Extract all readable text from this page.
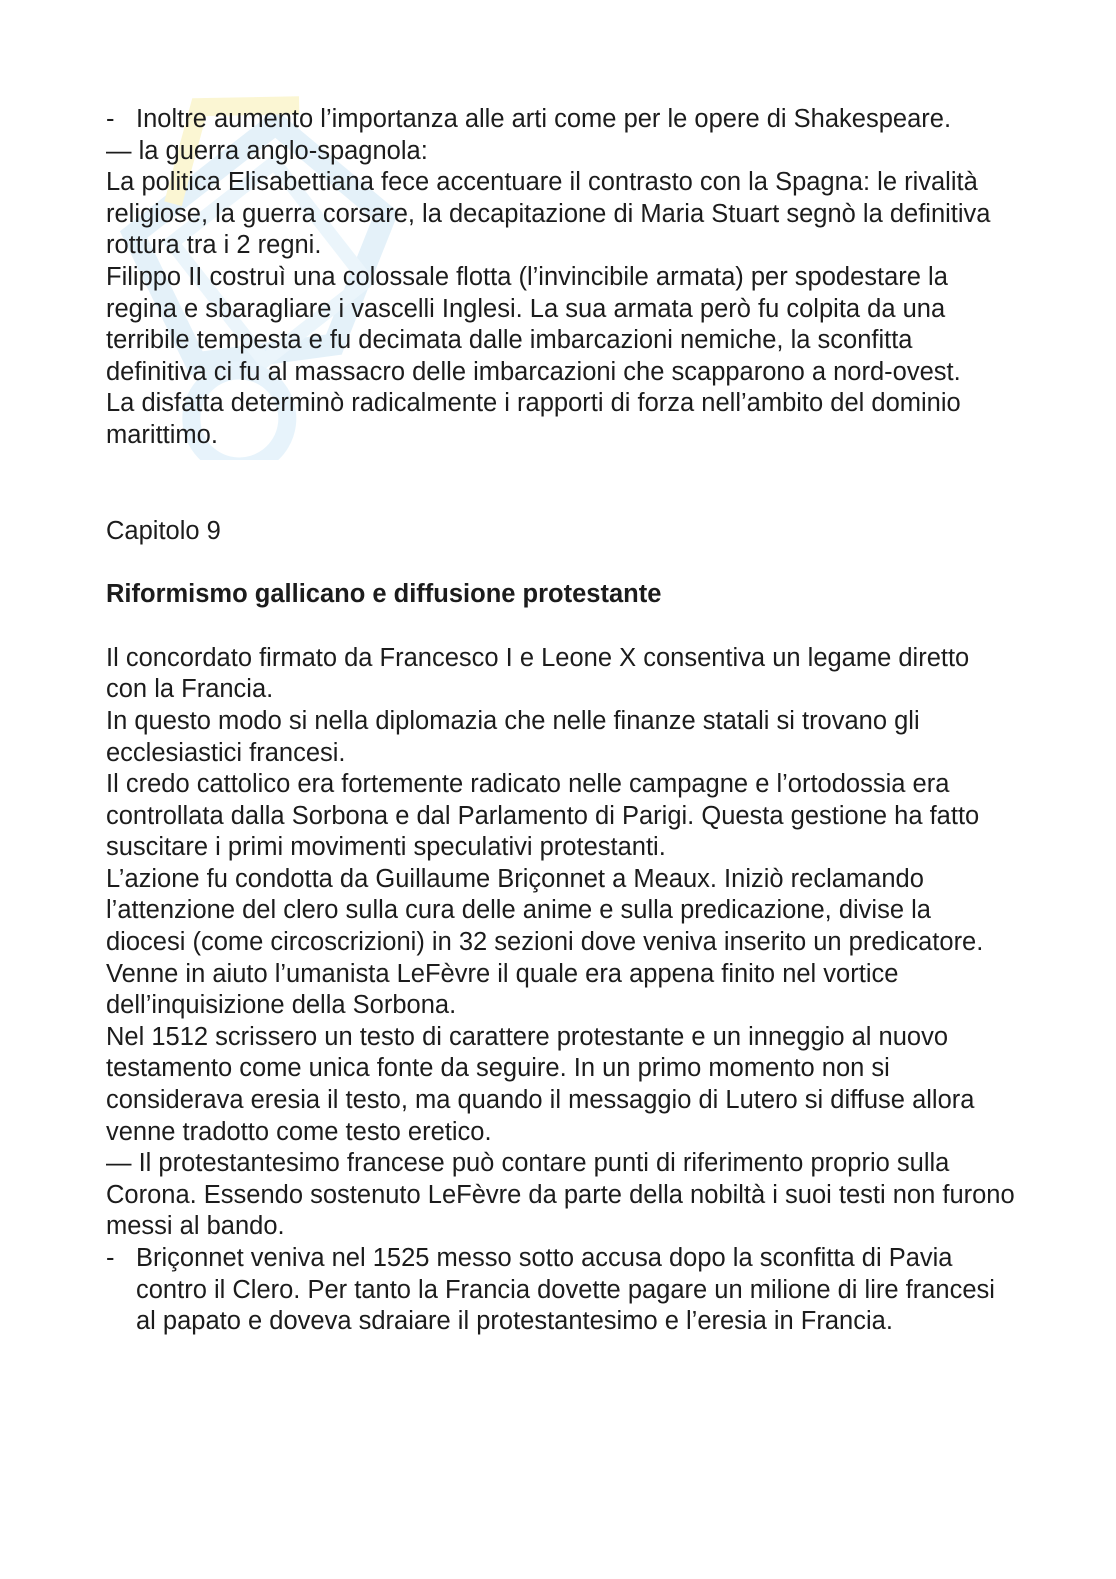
- Inoltre aumento l’importanza alle arti come per le opere di Shakespeare.

— la guerra anglo-spagnola:

La politica Elisabettiana fece accentuare il contrasto con la Spagna: le rivalità religiose, la guerra corsare, la decapitazione di Maria Stuart segnò la definitiva rottura tra i 2 regni.

Filippo II costruì una colossale flotta (l’invincibile armata) per spodestare la regina e sbaragliare i vascelli Inglesi. La sua armata però fu colpita da una terribile tempesta e fu decimata dalle imbarcazioni nemiche, la sconfitta definitiva ci fu al massacro delle imbarcazioni che scapparono a nord-ovest.

La disfatta determinò radicalmente i rapporti di forza nell’ambito del dominio marittimo.

Capitolo 9

Riformismo gallicano e diffusione protestante

Il concordato firmato da Francesco I e Leone X consentiva un legame diretto con la Francia.

In questo modo si nella diplomazia che nelle finanze statali si trovano gli ecclesiastici francesi.

Il credo cattolico era fortemente radicato nelle campagne e l’ortodossia era controllata dalla Sorbona e dal Parlamento di Parigi. Questa gestione ha fatto suscitare i primi movimenti speculativi protestanti.

L’azione fu condotta da Guillaume Briçonnet a Meaux. Iniziò reclamando l’attenzione del clero sulla cura delle anime e sulla predicazione, divise la diocesi (come circoscrizioni) in 32 sezioni dove veniva inserito un predicatore. Venne in aiuto l’umanista LeFèvre il quale era appena finito nel vortice dell’inquisizione della Sorbona.

Nel 1512 scrissero un testo di carattere protestante e un inneggio al nuovo testamento come unica fonte da seguire. In un primo momento non si considerava eresia il testo, ma quando il messaggio di Lutero si diffuse allora venne tradotto come testo eretico.

— Il protestantesimo francese può contare punti di riferimento proprio sulla Corona. Essendo sostenuto LeFèvre da parte della nobiltà i suoi testi non furono messi al bando.

- Briçonnet veniva nel 1525 messo sotto accusa dopo la sconfitta di Pavia contro il Clero. Per tanto la Francia dovette pagare un milione di lire francesi al papato e doveva sdraiare il protestantesimo e l’eresia in Francia.
